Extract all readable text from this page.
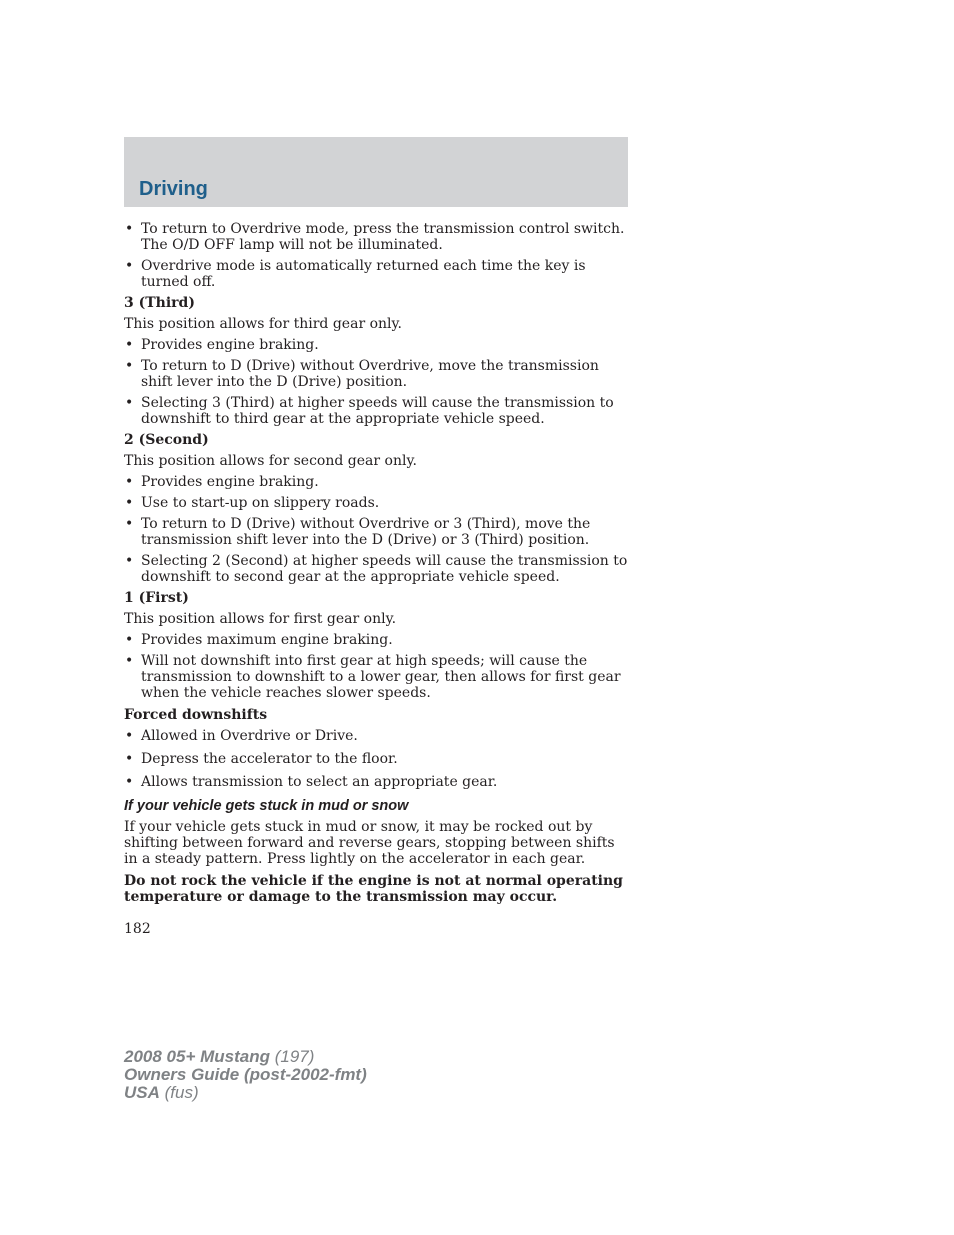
Driving
• To return to Overdrive mode, press the transmission control switch. The O/D OFF lamp will not be illuminated.
• Overdrive mode is automatically returned each time the key is turned off.
3 (Third)
This position allows for third gear only.
• Provides engine braking.
• To return to D (Drive) without Overdrive, move the transmission shift lever into the D (Drive) position.
• Selecting 3 (Third) at higher speeds will cause the transmission to downshift to third gear at the appropriate vehicle speed.
2 (Second)
This position allows for second gear only.
• Provides engine braking.
• Use to start-up on slippery roads.
• To return to D (Drive) without Overdrive or 3 (Third), move the transmission shift lever into the D (Drive) or 3 (Third) position.
• Selecting 2 (Second) at higher speeds will cause the transmission to downshift to second gear at the appropriate vehicle speed.
1 (First)
This position allows for first gear only.
• Provides maximum engine braking.
• Will not downshift into first gear at high speeds; will cause the transmission to downshift to a lower gear, then allows for first gear when the vehicle reaches slower speeds.
Forced downshifts
• Allowed in Overdrive or Drive.
• Depress the accelerator to the floor.
• Allows transmission to select an appropriate gear.
If your vehicle gets stuck in mud or snow
If your vehicle gets stuck in mud or snow, it may be rocked out by shifting between forward and reverse gears, stopping between shifts in a steady pattern. Press lightly on the accelerator in each gear.
Do not rock the vehicle if the engine is not at normal operating temperature or damage to the transmission may occur.
182
2008 05+ Mustang (197)
Owners Guide (post-2002-fmt)
USA (fus)
